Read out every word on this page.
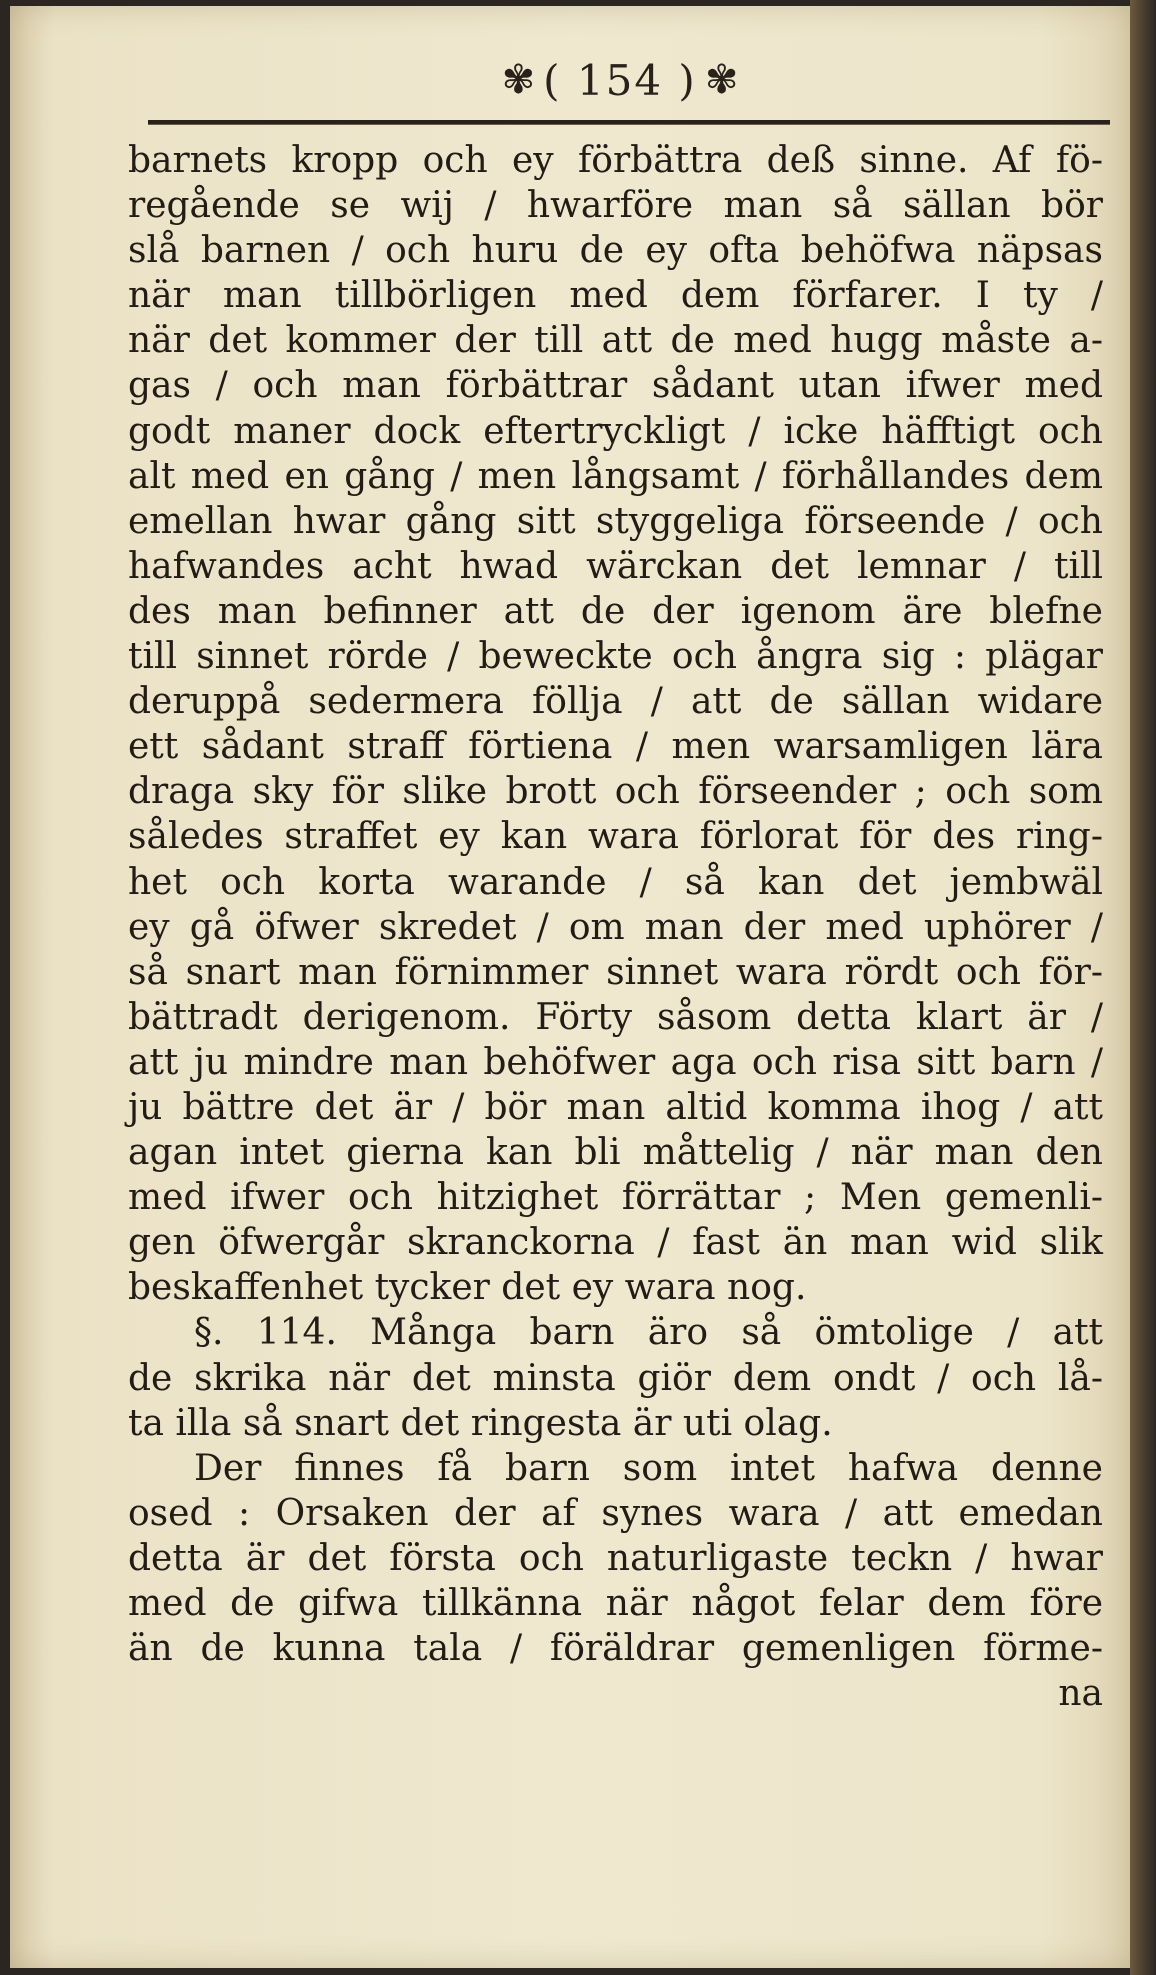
✾ ( 154 ) ✾
barnets kropp och ey förbättra deß sinne. Af fö-
regående se wij / hwarföre man så sällan bör
slå barnen / och huru de ey ofta behöfwa näpsas
när man tillbörligen med dem förfarer. I ty /
när det kommer der till att de med hugg måste a-
gas / och man förbättrar sådant utan ifwer med
godt maner dock eftertryckligt / icke häfftigt och
alt med en gång / men långsamt / förhållandes dem
emellan hwar gång sitt styggeliga förseende / och
hafwandes acht hwad wärckan det lemnar / till
des man befinner att de der igenom äre blefne
till sinnet rörde / beweckte och ångra sig : plägar
deruppå sedermera föllja / att de sällan widare
ett sådant straff förtiena / men warsamligen lära
draga sky för slike brott och förseender ; och som
således straffet ey kan wara förlorat för des ring-
het och korta warande / så kan det jembwäl
ey gå öfwer skredet / om man der med uphörer /
så snart man förnimmer sinnet wara rördt och för-
bättradt derigenom. Förty såsom detta klart är /
att ju mindre man behöfwer aga och risa sitt barn /
ju bättre det är / bör man altid komma ihog / att
agan intet gierna kan bli måttelig / när man den
med ifwer och hitzighet förrättar ; Men gemenli-
gen öfwergår skranckorna / fast än man wid slik
beskaffenhet tycker det ey wara nog.
§. 114. Många barn äro så ömtolige / att
de skrika när det minsta giör dem ondt / och lå-
ta illa så snart det ringesta är uti olag.
Der finnes få barn som intet hafwa denne
osed : Orsaken der af synes wara / att emedan
detta är det första och naturligaste teckn / hwar
med de gifwa tillkänna när något felar dem före
än de kunna tala / föräldrar gemenligen förme-
na
